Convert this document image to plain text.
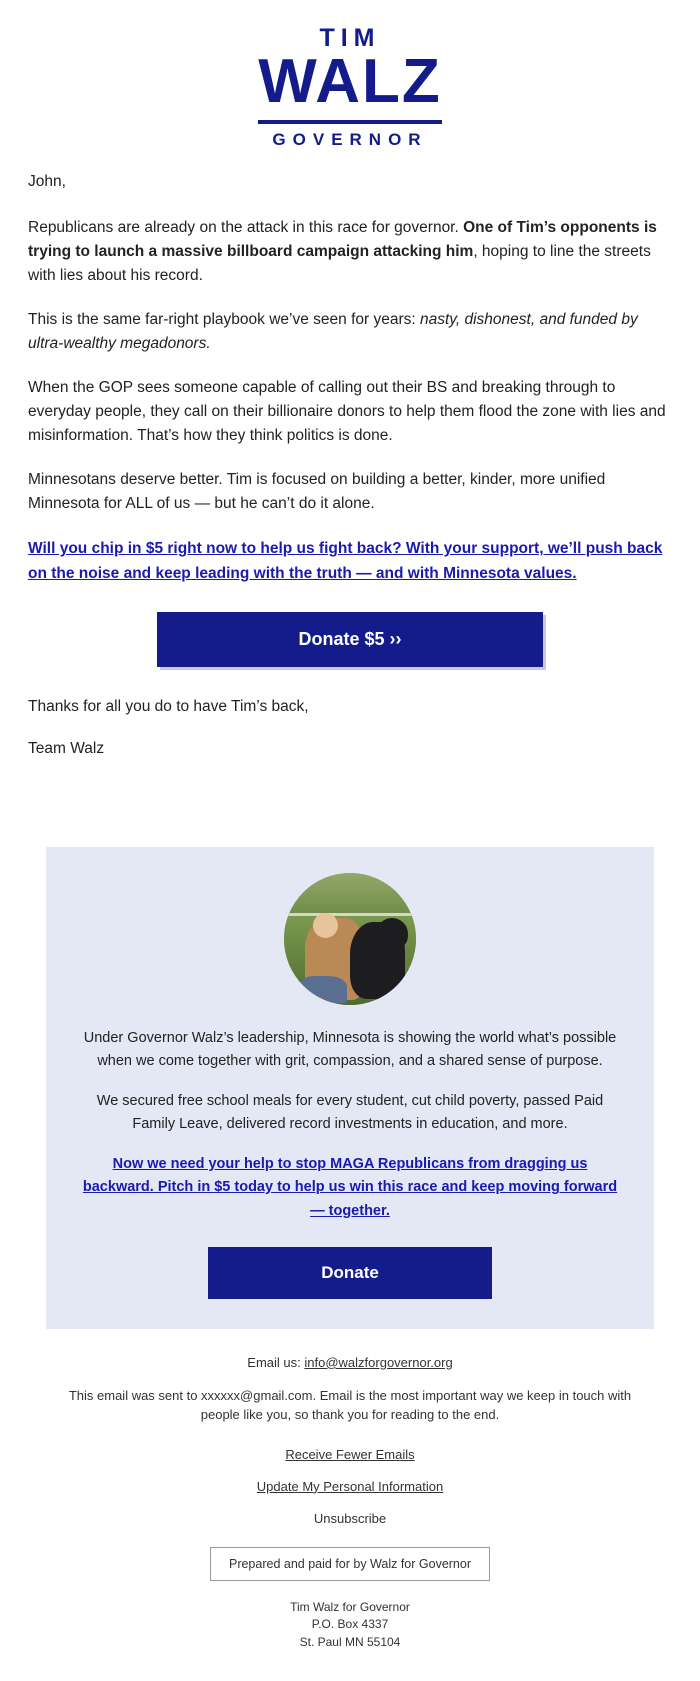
TIM
WALZ
GOVERNOR

John,

Republicans are already on the attack in this race for governor. One of Tim’s opponents is trying to launch a massive billboard campaign attacking him, hoping to line the streets with lies about his record.

This is the same far-right playbook we’ve seen for years: nasty, dishonest, and funded by ultra-wealthy megadonors.

When the GOP sees someone capable of calling out their BS and breaking through to everyday people, they call on their billionaire donors to help them flood the zone with lies and misinformation. That’s how they think politics is done.

Minnesotans deserve better. Tim is focused on building a better, kinder, more unified Minnesota for ALL of us — but he can’t do it alone.

Will you chip in $5 right now to help us fight back? With your support, we’ll push back on the noise and keep leading with the truth — and with Minnesota values.
Donate $5 ››

Thanks for all you do to have Tim’s back,

Team Walz

Under Governor Walz’s leadership, Minnesota is showing the world what’s possible when we come together with grit, compassion, and a shared sense of purpose.

We secured free school meals for every student, cut child poverty, passed Paid Family Leave, delivered record investments in education, and more.

Now we need your help to stop MAGA Republicans from dragging us backward. Pitch in $5 today to help us win this race and keep moving forward — together.
Donate
Email us: info@walzforgovernor.org
This email was sent to xxxxxx@gmail.com. Email is the most important way we keep in touch with people like you, so thank you for reading to the end.
Receive Fewer Emails
Update My Personal Information
Unsubscribe
Prepared and paid for by Walz for Governor
Tim Walz for Governor
P.O. Box 4337
St. Paul MN 55104
